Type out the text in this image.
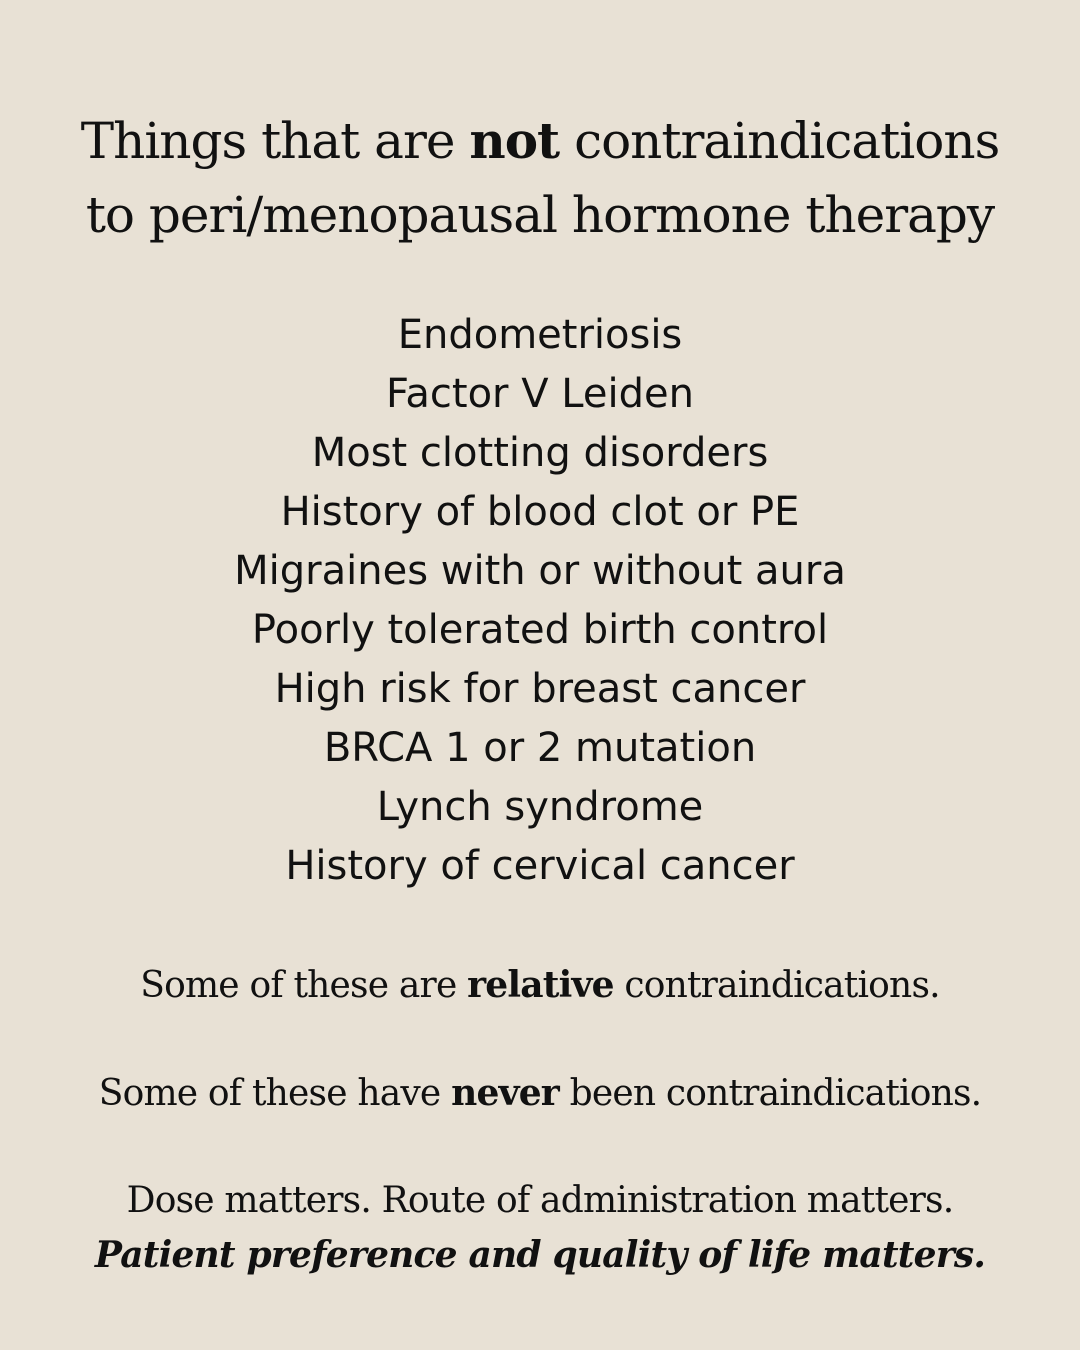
Things that are not contraindications
to peri/menopausal hormone therapy
Endometriosis
Factor V Leiden
Most clotting disorders
History of blood clot or PE
Migraines with or without aura
Poorly tolerated birth control
High risk for breast cancer
BRCA 1 or 2 mutation
Lynch syndrome
History of cervical cancer

Some of these are relative contraindications.

Some of these have never been contraindications.

Dose matters. Route of administration matters.

Patient preference and quality of life matters.
